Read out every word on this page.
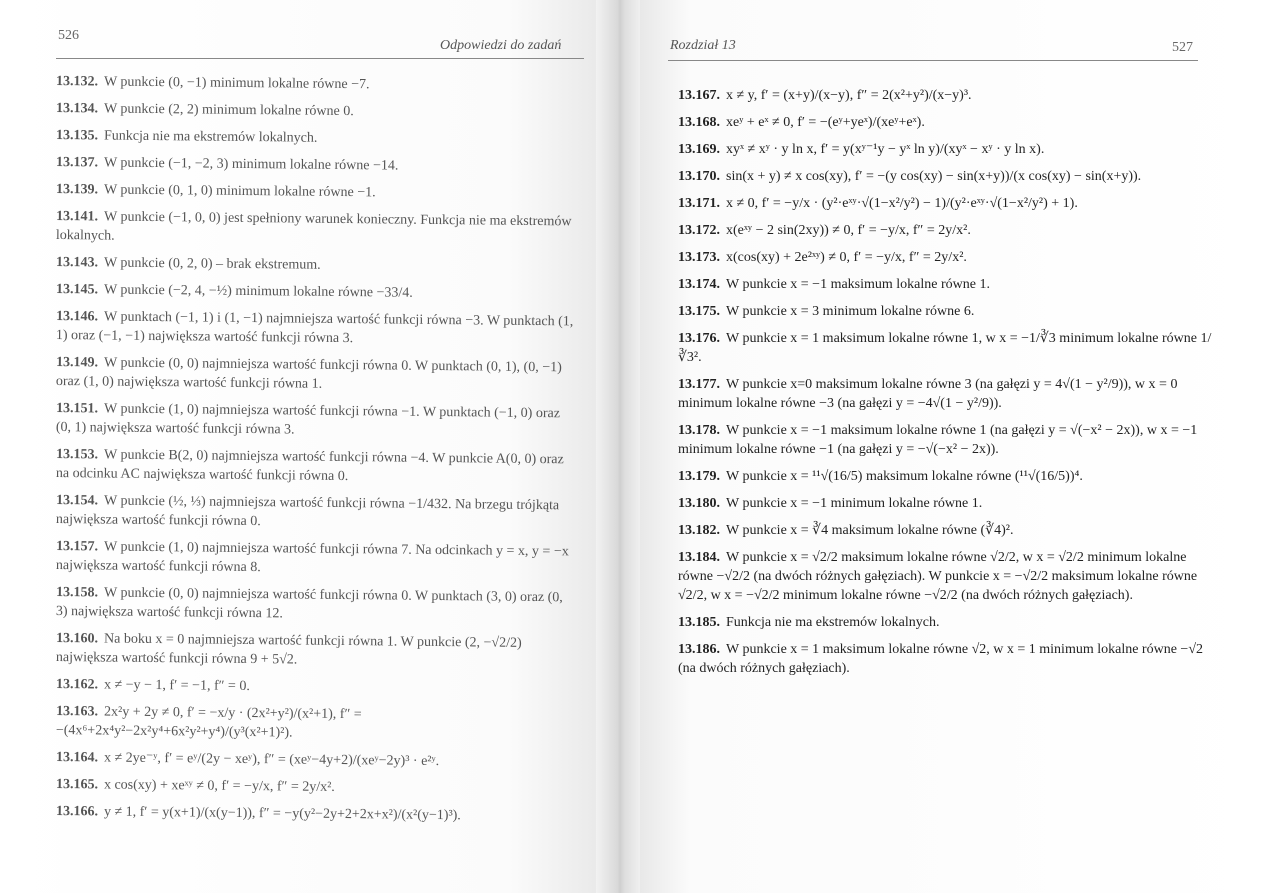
526
Odpowiedzi do zadań
13.132. W punkcie (0, −1) minimum lokalne równe −7.
13.134. W punkcie (2, 2) minimum lokalne równe 0.
13.135. Funkcja nie ma ekstremów lokalnych.
13.137. W punkcie (−1, −2, 3) minimum lokalne równe −14.
13.139. W punkcie (0, 1, 0) minimum lokalne równe −1.
13.141. W punkcie (−1, 0, 0) jest spełniony warunek konieczny. Funkcja nie ma ekstremów lokalnych.
13.143. W punkcie (0, 2, 0) – brak ekstremum.
13.145. W punkcie (−2, 4, −½) minimum lokalne równe −33/4.
13.146. W punktach (−1, 1) i (1, −1) najmniejsza wartość funkcji równa −3. W punktach (1, 1) oraz (−1, −1) największa wartość funkcji równa 3.
13.149. W punkcie (0, 0) najmniejsza wartość funkcji równa 0. W punktach (0, 1), (0, −1) oraz (1, 0) największa wartość funkcji równa 1.
13.151. W punkcie (1, 0) najmniejsza wartość funkcji równa −1. W punktach (−1, 0) oraz (0, 1) największa wartość funkcji równa 3.
13.153. W punkcie B(2, 0) najmniejsza wartość funkcji równa −4. W punkcie A(0, 0) oraz na odcinku AC największa wartość funkcji równa 0.
13.154. W punkcie (½, ⅓) najmniejsza wartość funkcji równa −1/432. Na brzegu trójkąta największa wartość funkcji równa 0.
13.157. W punkcie (1, 0) najmniejsza wartość funkcji równa 7. Na odcinkach y = x, y = −x największa wartość funkcji równa 8.
13.158. W punkcie (0, 0) najmniejsza wartość funkcji równa 0. W punktach (3, 0) oraz (0, 3) największa wartość funkcji równa 12.
13.160. Na boku x = 0 najmniejsza wartość funkcji równa 1. W punkcie (2, −√2/2) największa wartość funkcji równa 9 + 5√2.
13.162. x ≠ −y − 1, f′ = −1, f″ = 0.
13.163. 2x²y + 2y ≠ 0, f′ = −x/y · (2x²+y²)/(x²+1), f″ = −(4x⁶+2x⁴y²−2x²y⁴+6x²y²+y⁴)/(y³(x²+1)²).
13.164. x ≠ 2ye⁻ʸ, f′ = eʸ/(2y − xeʸ), f″ = (xeʸ−4y+2)/(xeʸ−2y)³ · e²ʸ.
13.165. x cos(xy) + xeˣʸ ≠ 0, f′ = −y/x, f″ = 2y/x².
13.166. y ≠ 1, f′ = y(x+1)/(x(y−1)), f″ = −y(y²−2y+2+2x+x²)/(x²(y−1)³).
Rozdział 13	527
13.167. x ≠ y, f′ = (x+y)/(x−y), f″ = 2(x²+y²)/(x−y)³.
13.168. xeʸ + eˣ ≠ 0, f′ = −(eʸ+yeˣ)/(xeʸ+eˣ).
13.169. xyˣ ≠ xʸ · y ln x, f′ = y(xʸ⁻¹y − yˣ ln y)/(xyˣ − xʸ · y ln x).
13.170. sin(x + y) ≠ x cos(xy), f′ = −(y cos(xy) − sin(x+y))/(x cos(xy) − sin(x+y)).
13.171. x ≠ 0, f′ = −y/x · (y²·eˣʸ·√(1−x²/y²) − 1)/(y²·eˣʸ·√(1−x²/y²) + 1).
13.172. x(eˣʸ − 2 sin(2xy)) ≠ 0, f′ = −y/x, f″ = 2y/x².
13.173. x(cos(xy) + 2e²ˣʸ) ≠ 0, f′ = −y/x, f″ = 2y/x².
13.174. W punkcie x = −1 maksimum lokalne równe 1.
13.175. W punkcie x = 3 minimum lokalne równe 6.
13.176. W punkcie x = 1 maksimum lokalne równe 1, w x = −1/∛3 minimum lokalne równe 1/∛3².
13.177. W punkcie x=0 maksimum lokalne równe 3 (na gałęzi y = 4√(1 − y²/9)), w x = 0 minimum lokalne równe −3 (na gałęzi y = −4√(1 − y²/9)).
13.178. W punkcie x = −1 maksimum lokalne równe 1 (na gałęzi y = √(−x² − 2x)), w x = −1 minimum lokalne równe −1 (na gałęzi y = −√(−x² − 2x)).
13.179. W punkcie x = ¹¹√(16/5) maksimum lokalne równe (¹¹√(16/5))⁴.
13.180. W punkcie x = −1 minimum lokalne równe 1.
13.182. W punkcie x = ∛4 maksimum lokalne równe (∛4)².
13.184. W punkcie x = √2/2 maksimum lokalne równe √2/2, w x = √2/2 minimum lokalne równe −√2/2 (na dwóch różnych gałęziach). W punkcie x = −√2/2 maksimum lokalne równe √2/2, w x = −√2/2 minimum lokalne równe −√2/2 (na dwóch różnych gałęziach).
13.185. Funkcja nie ma ekstremów lokalnych.
13.186. W punkcie x = 1 maksimum lokalne równe √2, w x = 1 minimum lokalne równe −√2 (na dwóch różnych gałęziach).
